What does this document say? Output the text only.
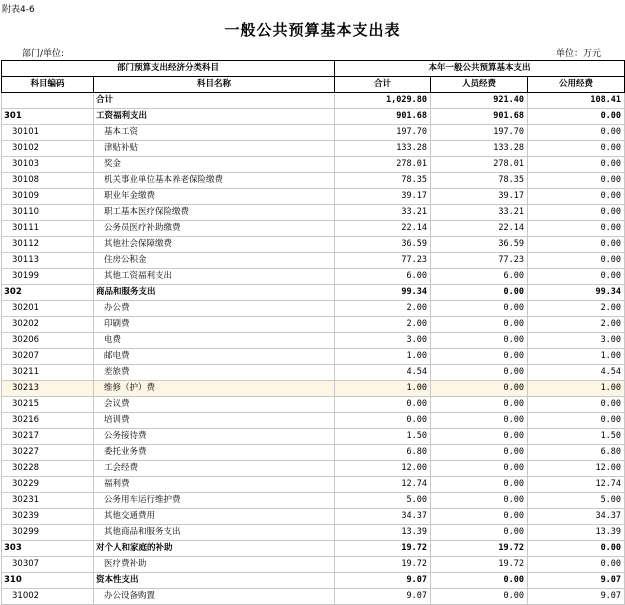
附表4-6
一般公共预算基本支出表
部门/单位:	单位：万元
部门预算支出经济分类科目		本年一般公共预算基本支出		
科目编码	科目名称	合计	人员经费	公用经费
	合计	1,029.80	921.40	108.41
301	工资福利支出	901.68	901.68	0.00
30101	基本工资	197.70	197.70	0.00
30102	津贴补贴	133.28	133.28	0.00
30103	奖金	278.01	278.01	0.00
30108	机关事业单位基本养老保险缴费	78.35	78.35	0.00
30109	职业年金缴费	39.17	39.17	0.00
30110	职工基本医疗保险缴费	33.21	33.21	0.00
30111	公务员医疗补助缴费	22.14	22.14	0.00
30112	其他社会保障缴费	36.59	36.59	0.00
30113	住房公积金	77.23	77.23	0.00
30199	其他工资福利支出	6.00	6.00	0.00
302	商品和服务支出	99.34	0.00	99.34
30201	办公费	2.00	0.00	2.00
30202	印刷费	2.00	0.00	2.00
30206	电费	3.00	0.00	3.00
30207	邮电费	1.00	0.00	1.00
30211	差旅费	4.54	0.00	4.54
30213	维修（护）费	1.00	0.00	1.00
30215	会议费	0.00	0.00	0.00
30216	培训费	0.00	0.00	0.00
30217	公务接待费	1.50	0.00	1.50
30227	委托业务费	6.80	0.00	6.80
30228	工会经费	12.00	0.00	12.00
30229	福利费	12.74	0.00	12.74
30231	公务用车运行维护费	5.00	0.00	5.00
30239	其他交通费用	34.37	0.00	34.37
30299	其他商品和服务支出	13.39	0.00	13.39
303	对个人和家庭的补助	19.72	19.72	0.00
30307	医疗费补助	19.72	19.72	0.00
310	资本性支出	9.07	0.00	9.07
31002	办公设备购置	9.07	0.00	9.07
